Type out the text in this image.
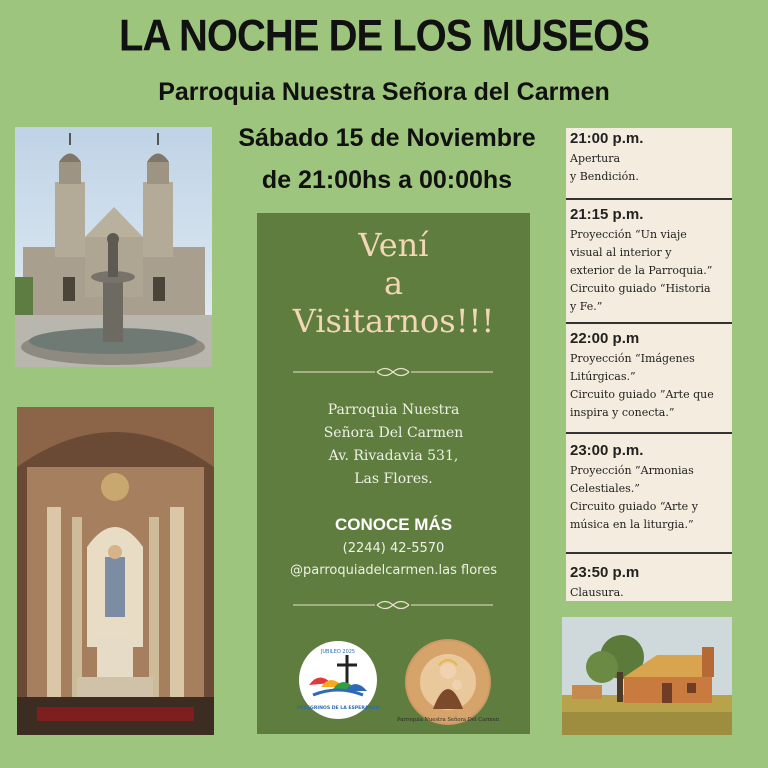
LA NOCHE DE LOS MUSEOS
Parroquia Nuestra Señora del Carmen
Sábado 15 de Noviembre
de 21:00hs a 00:00hs
Vení
a
Visitarnos!!!
Parroquia Nuestra
Señora Del Carmen
Av. Rivadavia 531,
Las Flores.
CONOCE MÁS
(2244) 42-5570
@parroquiadelcarmen.las flores
JUBILEO 2025
PEREGRINOS DE LA ESPERANZA
Parroquia Nuestra Señora Del Carmen
21:00 p.m.
Apertura
y Bendición.
21:15 p.m.
Proyección “Un viaje
visual al interior y
exterior de la Parroquia.”
Circuito guiado “Historia
y Fe.”
22:00 p.m
Proyección “Imágenes
Litúrgicas.”
Circuito guiado ”Arte que
inspira y conecta.”
23:00 p.m.
Proyección ”Armonias
Celestiales.”
Circuito guiado “Arte y
música en la liturgia.”
23:50 p.m
Clausura.
